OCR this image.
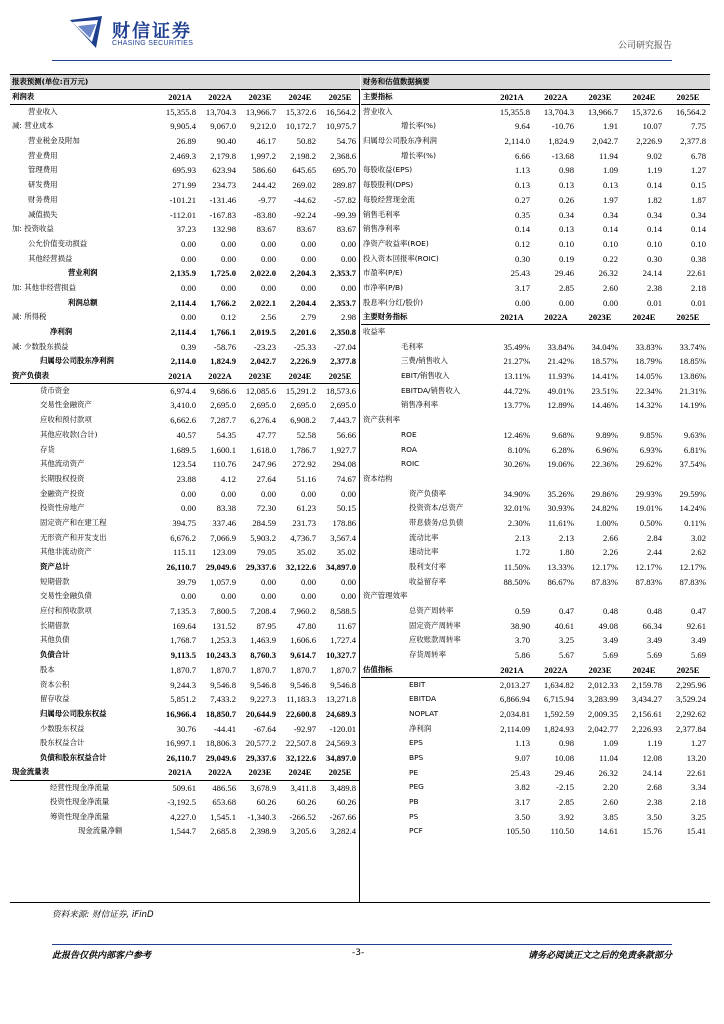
财信证券
CHASING SECURITIES	公司研究报告
报表预测(单位:百万元)					
利润表	2021A	2022A	2023E	2024E	2025E
营业收入	15,355.8	13,704.3	13,966.7	15,372.6	16,564.2
减: 营业成本	9,905.4	9,067.0	9,212.0	10,172.7	10,975.7
营业税金及附加	26.89	90.40	46.17	50.82	54.76
营业费用	2,469.3	2,179.8	1,997.2	2,198.2	2,368.6
管理费用	695.93	623.94	586.60	645.65	695.70
研发费用	271.99	234.73	244.42	269.02	289.87
财务费用	-101.21	-131.46	-9.77	-44.62	-57.82
减值损失	-112.01	-167.83	-83.80	-92.24	-99.39
加: 投资收益	37.23	132.98	83.67	83.67	83.67
公允价值变动损益	0.00	0.00	0.00	0.00	0.00
其他经营损益	0.00	0.00	0.00	0.00	0.00
营业利润	2,135.9	1,725.0	2,022.0	2,204.3	2,353.7
加: 其他非经营损益	0.00	0.00	0.00	0.00	0.00
利润总额	2,114.4	1,766.2	2,022.1	2,204.4	2,353.7
减: 所得税	0.00	0.12	2.56	2.79	2.98
净利润	2,114.4	1,766.1	2,019.5	2,201.6	2,350.8
减: 少数股东损益	0.39	-58.76	-23.23	-25.33	-27.04
归属母公司股东净利润	2,114.0	1,824.9	2,042.7	2,226.9	2,377.8
资产负债表	2021A	2022A	2023E	2024E	2025E
货币资金	6,974.4	9,686.6	12,085.6	15,291.2	18,573.6
交易性金融资产	3,410.0	2,695.0	2,695.0	2,695.0	2,695.0
应收和预付款项	6,662.6	7,287.7	6,276.4	6,908.2	7,443.7
其他应收款(合计)	40.57	54.35	47.77	52.58	56.66
存货	1,689.5	1,600.1	1,618.0	1,786.7	1,927.7
其他流动资产	123.54	110.76	247.96	272.92	294.08
长期股权投资	23.88	4.12	27.64	51.16	74.67
金融资产投资	0.00	0.00	0.00	0.00	0.00
投资性房地产	0.00	83.38	72.30	61.23	50.15
固定资产和在建工程	394.75	337.46	284.59	231.73	178.86
无形资产和开发支出	6,676.2	7,066.9	5,903.2	4,736.7	3,567.4
其他非流动资产	115.11	123.09	79.05	35.02	35.02
资产总计	26,110.7	29,049.6	29,337.6	32,122.6	34,897.0
短期借款	39.79	1,057.9	0.00	0.00	0.00
交易性金融负债	0.00	0.00	0.00	0.00	0.00
应付和预收款项	7,135.3	7,800.5	7,208.4	7,960.2	8,588.5
长期借款	169.64	131.52	87.95	47.80	11.67
其他负债	1,768.7	1,253.3	1,463.9	1,606.6	1,727.4
负债合计	9,113.5	10,243.3	8,760.3	9,614.7	10,327.7
股本	1,870.7	1,870.7	1,870.7	1,870.7	1,870.7
资本公积	9,244.3	9,546.8	9,546.8	9,546.8	9,546.8
留存收益	5,851.2	7,433.2	9,227.3	11,183.3	13,271.8
归属母公司股东权益	16,966.4	18,850.7	20,644.9	22,600.8	24,689.3
少数股东权益	30.76	-44.41	-67.64	-92.97	-120.01
股东权益合计	16,997.1	18,806.3	20,577.2	22,507.8	24,569.3
负债和股东权益合计	26,110.7	29,049.6	29,337.6	32,122.6	34,897.0
现金流量表	2021A	2022A	2023E	2024E	2025E
经营性现金净流量	509.61	486.56	3,678.9	3,411.8	3,489.8
投资性现金净流量	-3,192.5	653.68	60.26	60.26	60.26
筹资性现金净流量	4,227.0	1,545.1	-1,340.3	-266.52	-267.66
现金流量净额	1,544.7	2,685.8	2,398.9	3,205.6	3,282.4
财务和估值数据摘要					
主要指标	2021A	2022A	2023E	2024E	2025E
营业收入	15,355.8	13,704.3	13,966.7	15,372.6	16,564.2
增长率(%)	9.64	-10.76	1.91	10.07	7.75
归属母公司股东净利润	2,114.0	1,824.9	2,042.7	2,226.9	2,377.8
增长率(%)	6.66	-13.68	11.94	9.02	6.78
每股收益(EPS)	1.13	0.98	1.09	1.19	1.27
每股股利(DPS)	0.13	0.13	0.13	0.14	0.15
每股经营现金流	0.27	0.26	1.97	1.82	1.87
销售毛利率	0.35	0.34	0.34	0.34	0.34
销售净利率	0.14	0.13	0.14	0.14	0.14
净资产收益率(ROE)	0.12	0.10	0.10	0.10	0.10
投入资本回报率(ROIC)	0.30	0.19	0.22	0.30	0.38
市盈率(P/E)	25.43	29.46	26.32	24.14	22.61
市净率(P/B)	3.17	2.85	2.60	2.38	2.18
股息率(分红/股价)	0.00	0.00	0.00	0.01	0.01
主要财务指标	2021A	2022A	2023E	2024E	2025E
收益率					
毛利率	35.49%	33.84%	34.04%	33.83%	33.74%
三费/销售收入	21.27%	21.42%	18.57%	18.79%	18.85%
EBIT/销售收入	13.11%	11.93%	14.41%	14.05%	13.86%
EBITDA/销售收入	44.72%	49.01%	23.51%	22.34%	21.31%
销售净利率	13.77%	12.89%	14.46%	14.32%	14.19%
资产获利率					
ROE	12.46%	9.68%	9.89%	9.85%	9.63%
ROA	8.10%	6.28%	6.96%	6.93%	6.81%
ROIC	30.26%	19.06%	22.36%	29.62%	37.54%
资本结构					
资产负债率	34.90%	35.26%	29.86%	29.93%	29.59%
投资资本/总资产	32.01%	30.93%	24.82%	19.01%	14.24%
带息债务/总负债	2.30%	11.61%	1.00%	0.50%	0.11%
流动比率	2.13	2.13	2.66	2.84	3.02
速动比率	1.72	1.80	2.26	2.44	2.62
股利支付率	11.50%	13.33%	12.17%	12.17%	12.17%
收益留存率	88.50%	86.67%	87.83%	87.83%	87.83%
资产管理效率					
总资产周转率	0.59	0.47	0.48	0.48	0.47
固定资产周转率	38.90	40.61	49.08	66.34	92.61
应收账款周转率	3.70	3.25	3.49	3.49	3.49
存货周转率	5.86	5.67	5.69	5.69	5.69
估值指标	2021A	2022A	2023E	2024E	2025E
EBIT	2,013.27	1,634.82	2,012.33	2,159.78	2,295.96
EBITDA	6,866.94	6,715.94	3,283.99	3,434.27	3,529.24
NOPLAT	2,034.81	1,592.59	2,009.35	2,156.61	2,292.62
净利润	2,114.09	1,824.93	2,042.77	2,226.93	2,377.84
EPS	1.13	0.98	1.09	1.19	1.27
BPS	9.07	10.08	11.04	12.08	13.20
PE	25.43	29.46	26.32	24.14	22.61
PEG	3.82	-2.15	2.20	2.68	3.34
PB	3.17	2.85	2.60	2.38	2.18
PS	3.50	3.92	3.85	3.50	3.25
PCF	105.50	110.50	14.61	15.76	15.41
资料来源: 财信证券, iFinD
此报告仅供内部客户参考	-3-	请务必阅读正文之后的免责条款部分
